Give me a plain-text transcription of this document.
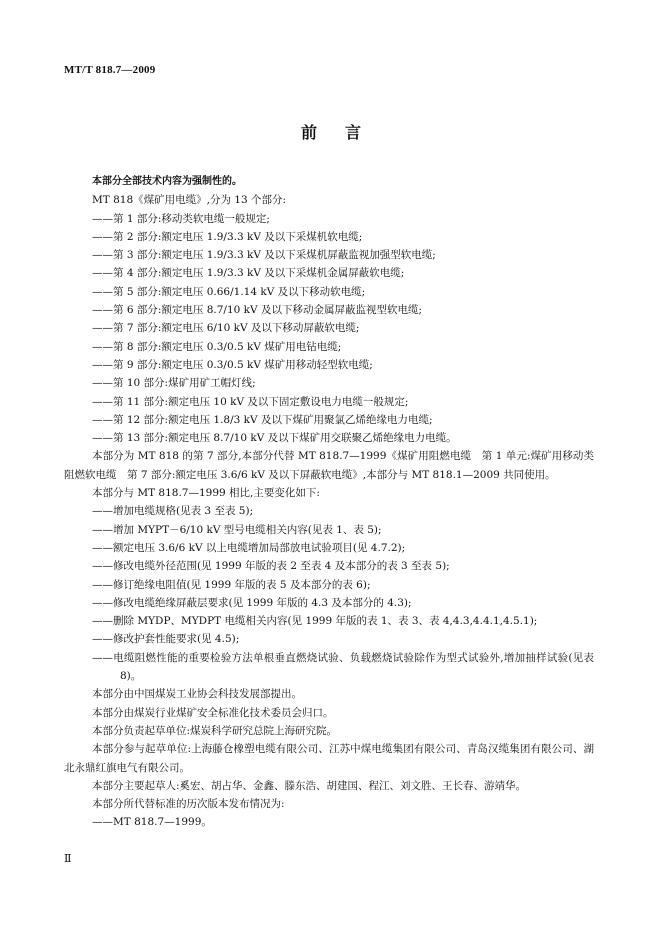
MT/T 818.7—2009
前言

本部分全部技术内容为强制性的。

MT 818《煤矿用电缆》,分为 13 个部分:

——第 1 部分:移动类软电缆一般规定;

——第 2 部分:额定电压 1.9/3.3 kV 及以下采煤机软电缆;

——第 3 部分:额定电压 1.9/3.3 kV 及以下采煤机屏蔽监视加强型软电缆;

——第 4 部分:额定电压 1.9/3.3 kV 及以下采煤机金属屏蔽软电缆;

——第 5 部分:额定电压 0.66/1.14 kV 及以下移动软电缆;

——第 6 部分:额定电压 8.7/10 kV 及以下移动金属屏蔽监视型软电缆;

——第 7 部分:额定电压 6/10 kV 及以下移动屏蔽软电缆;

——第 8 部分:额定电压 0.3/0.5 kV 煤矿用电钻电缆;

——第 9 部分:额定电压 0.3/0.5 kV 煤矿用移动轻型软电缆;

——第 10 部分:煤矿用矿工帽灯线;

——第 11 部分:额定电压 10 kV 及以下固定敷设电力电缆一般规定;

——第 12 部分:额定电压 1.8/3 kV 及以下煤矿用聚氯乙烯绝缘电力电缆;

——第 13 部分:额定电压 8.7/10 kV 及以下煤矿用交联聚乙烯绝缘电力电缆。

本部分为 MT 818 的第 7 部分,本部分代替 MT 818.7—1999《煤矿用阻燃电缆　第 1 单元:煤矿用移动类阻燃软电缆　第 7 部分:额定电压 3.6/6 kV 及以下屏蔽软电缆》,本部分与 MT 818.1—2009 共同使用。

本部分与 MT 818.7—1999 相比,主要变化如下:

——增加电缆规格(见表 3 至表 5);

——增加 MYPT－6/10 kV 型号电缆相关内容(见表 1、表 5);

——额定电压 3.6/6 kV 以上电缆增加局部放电试验项目(见 4.7.2);

——修改电缆外径范围(见 1999 年版的表 2 至表 4 及本部分的表 3 至表 5);

——修订绝缘电阻值(见 1999 年版的表 5 及本部分的表 6);

——修改电缆绝缘屏蔽层要求(见 1999 年版的 4.3 及本部分的 4.3);

——删除 MYDP、MYDPT 电缆相关内容(见 1999 年版的表 1、表 3、表 4,4.3,4.4.1,4.5.1);

——修改护套性能要求(见 4.5);

——电缆阻燃性能的重要检验方法单根垂直燃烧试验、负载燃烧试验除作为型式试验外,增加抽样试验(见表 8)。

本部分由中国煤炭工业协会科技发展部提出。

本部分由煤炭行业煤矿安全标准化技术委员会归口。

本部分负责起草单位:煤炭科学研究总院上海研究院。

本部分参与起草单位:上海藤仓橡塑电缆有限公司、江苏中煤电缆集团有限公司、青岛汉缆集团有限公司、湖北永鼎红旗电气有限公司。

本部分主要起草人:奚宏、胡占华、金鑫、滕东浩、胡建国、程江、刘文胜、王长春、游靖华。

本部分所代替标准的历次版本发布情况为:

——MT 818.7—1999。

Ⅱ
